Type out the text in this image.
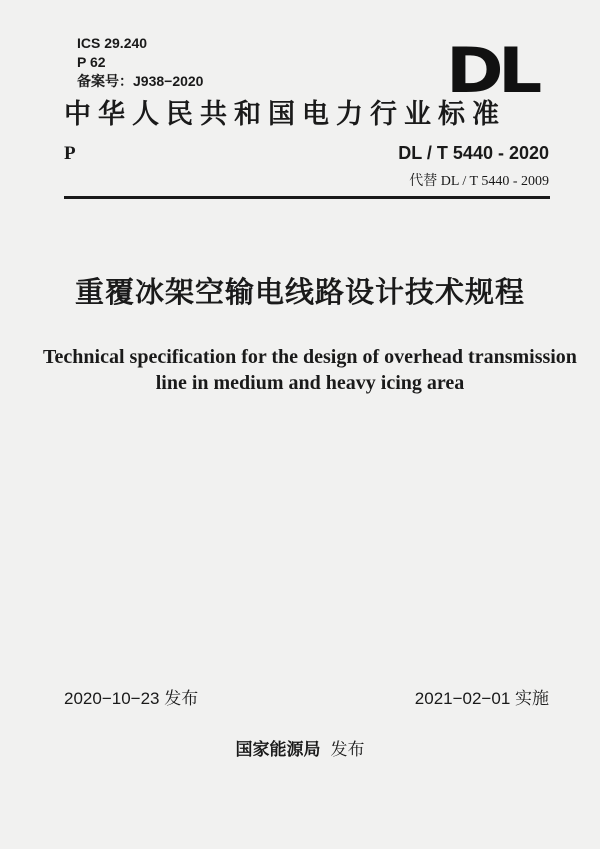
ICS 29.240
P 62
备案号：J938−2020	DL
中华人民共和国电力行业标准
P	DL / T 5440 - 2020
代替 DL / T 5440 - 2009
重覆冰架空输电线路设计技术规程
Technical specification for the design of overhead transmission
line in medium and heavy icing area
2020−10−23 发布	2021−02−01 实施
国家能源局 发布
